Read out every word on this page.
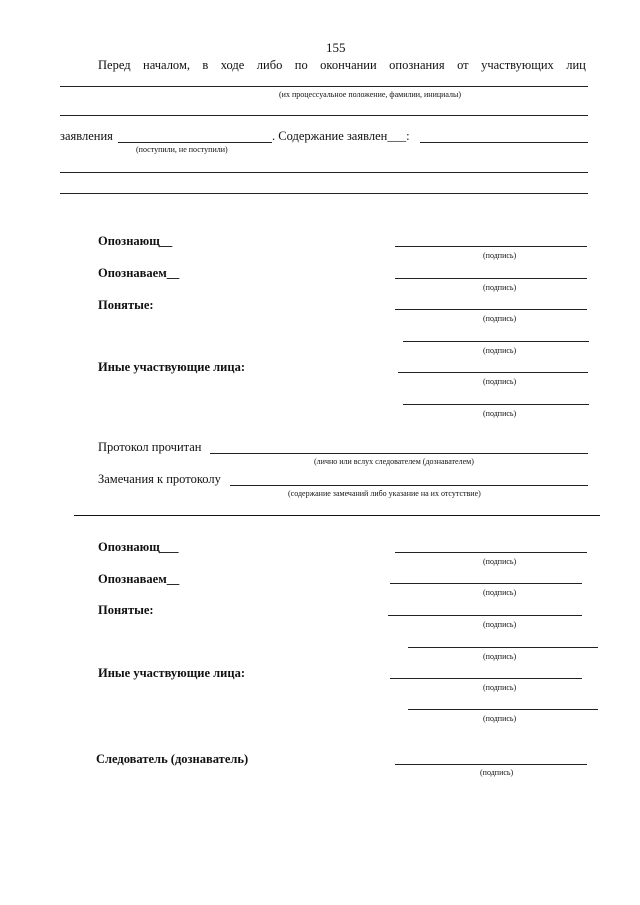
155
Перед началом, в ходе либо по окончании опознания от участвующих лиц
(их процессуальное положение, фамилии, инициалы)
заявления	. Содержание заявлен___:
(поступили, не поступили)
Опознающ__
(подпись)
Опознаваем__
(подпись)
Понятые:
(подпись)
(подпись)
Иные участвующие лица:
(подпись)
(подпись)
Протокол прочитан
(лично или вслух следователем (дознавателем)
Замечания к протоколу
(содержание замечаний либо указание на их отсутствие)
Опознающ___
(подпись)
Опознаваем__
(подпись)
Понятые:
(подпись)
(подпись)
Иные участвующие лица:
(подпись)
(подпись)
Следователь (дознаватель)
(подпись)
